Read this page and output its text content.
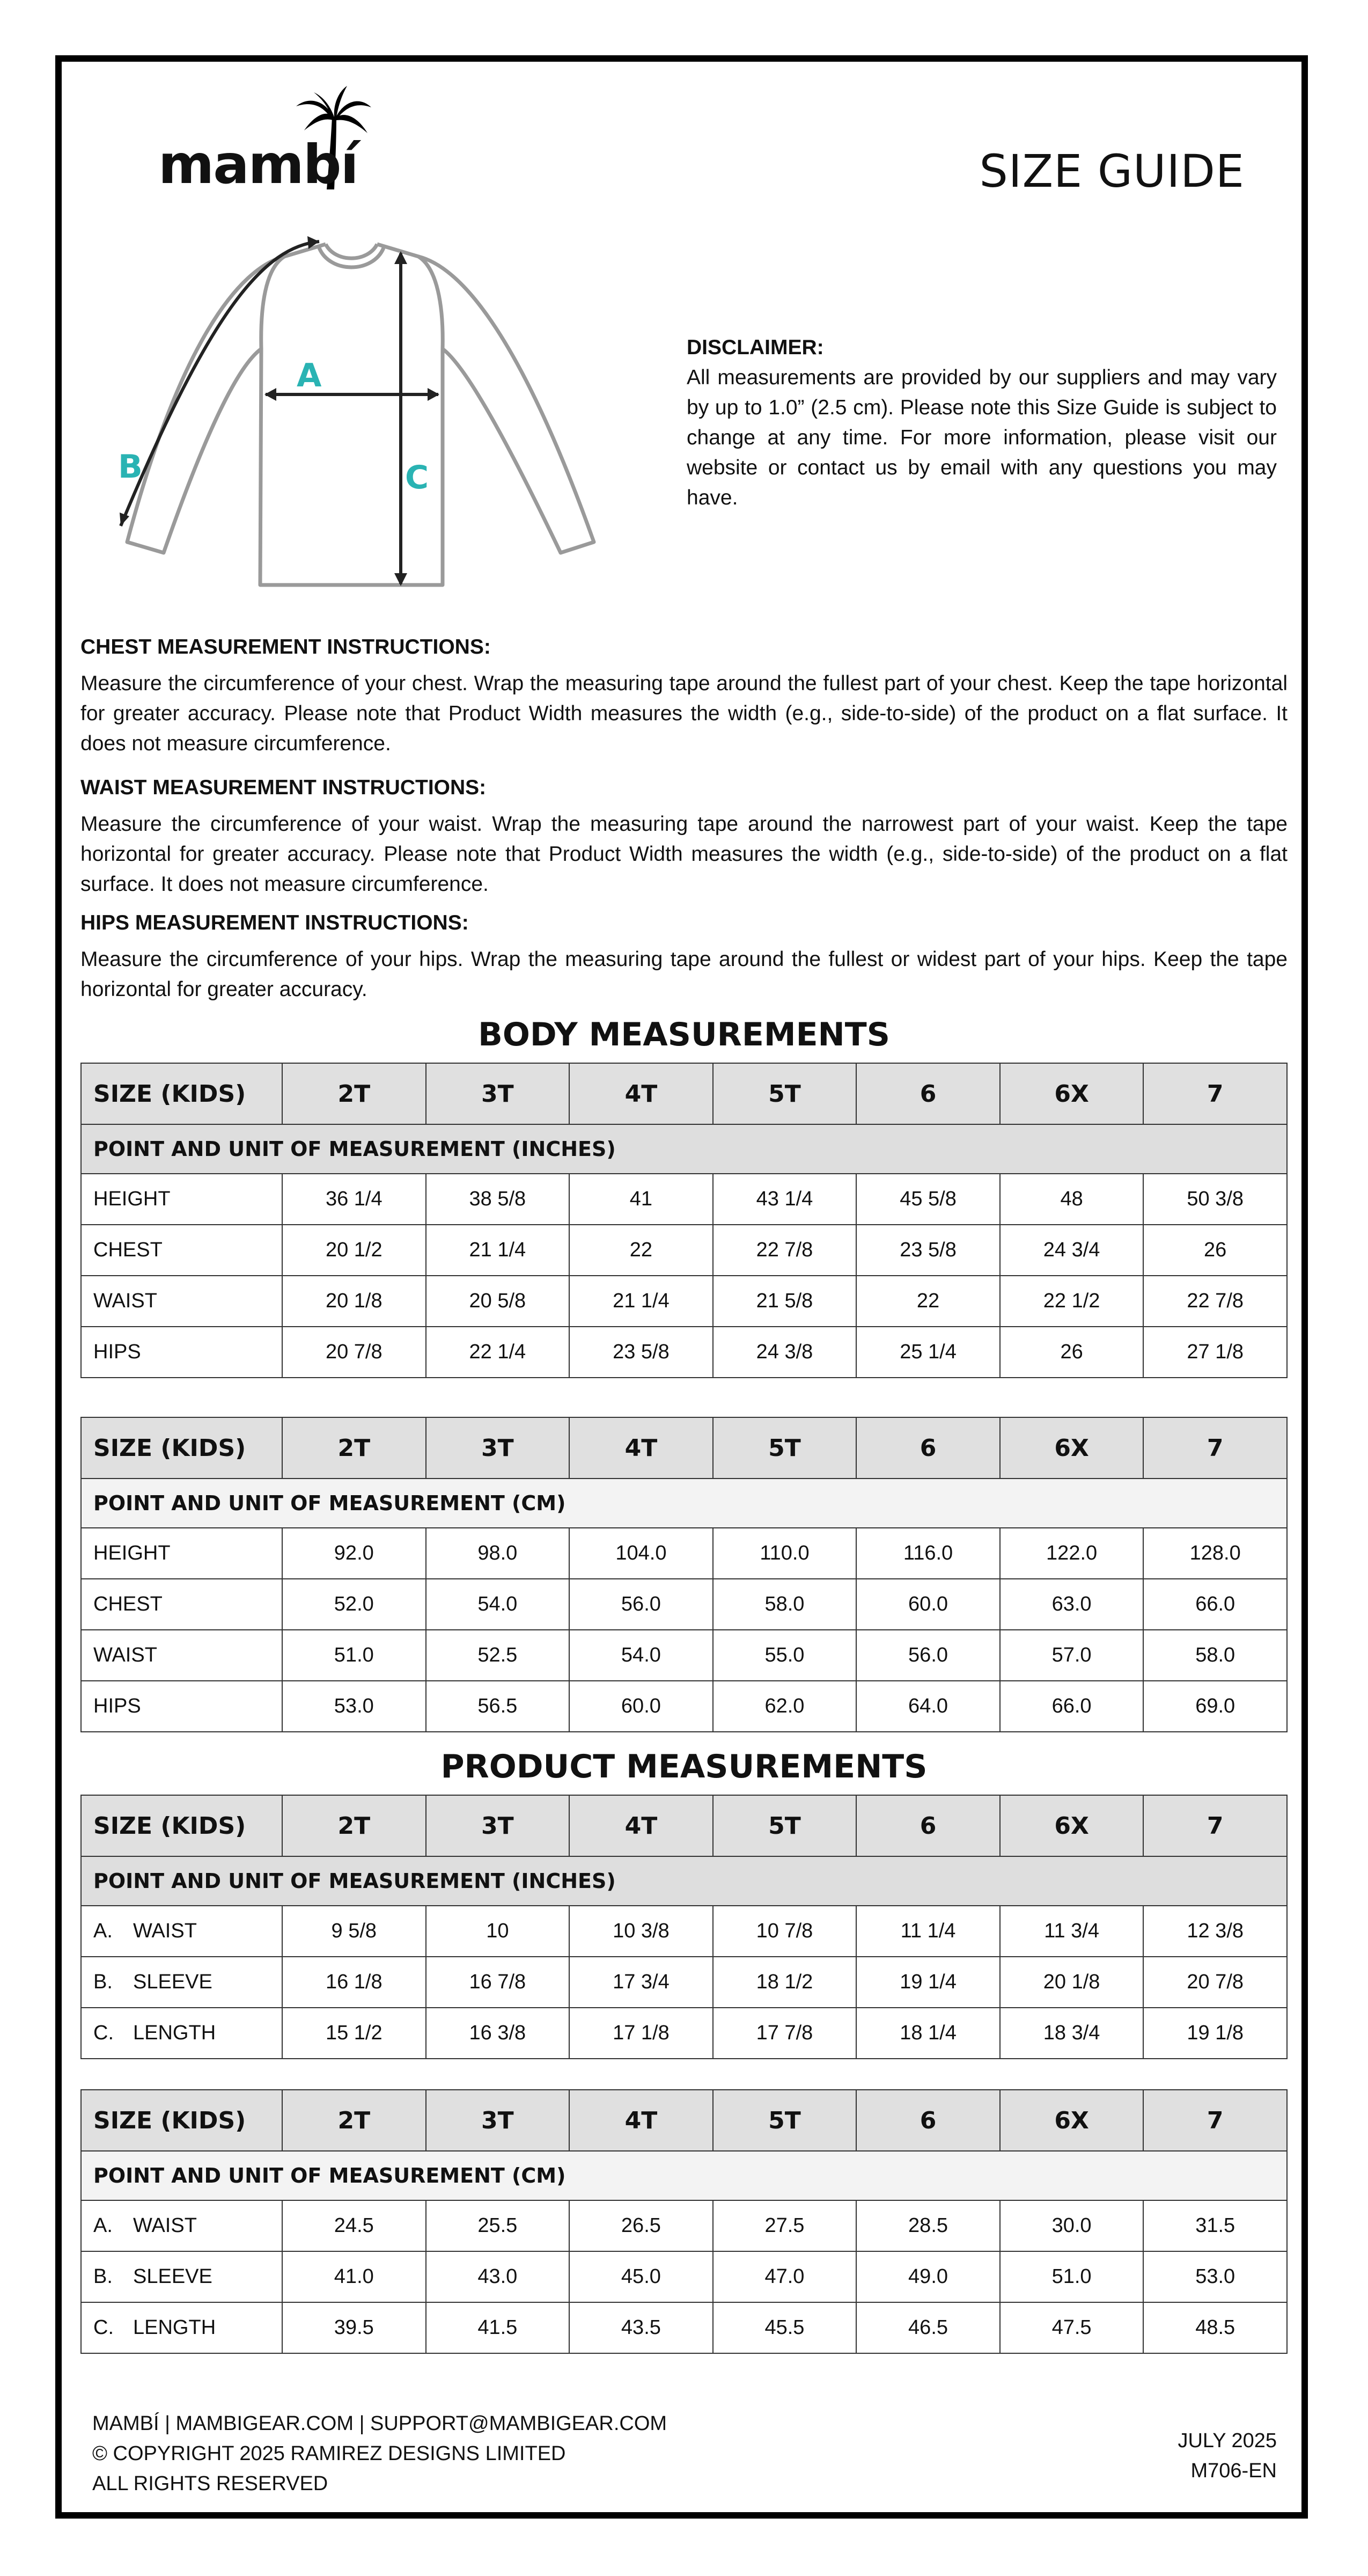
mambí	SIZE GUIDE
A
B	C
DISCLAIMER:
All measurements are provided by our suppliers and may vary by up to 1.0” (2.5 cm). Please note this Size Guide is subject to change at any time. For more information, please visit our website or contact us by email with any questions you may have.
CHEST MEASUREMENT INSTRUCTIONS:
Measure the circumference of your chest. Wrap the measuring tape around the fullest part of your chest. Keep the tape horizontal for greater accuracy. Please note that Product Width measures the width (e.g., side-to-side) of the product on a flat surface. It does not measure circumference.
WAIST MEASUREMENT INSTRUCTIONS:
Measure the circumference of your waist. Wrap the measuring tape around the narrowest part of your waist. Keep the tape horizontal for greater accuracy. Please note that Product Width measures the width (e.g., side-to-side) of the product on a flat surface. It does not measure circumference.
HIPS MEASUREMENT INSTRUCTIONS:
Measure the circumference of your hips. Wrap the measuring tape around the fullest or widest part of your hips. Keep the tape horizontal for greater accuracy.
BODY MEASUREMENTS
SIZE (KIDS)	2T	3T	4T	5T	6	6X	7
POINT AND UNIT OF MEASUREMENT (INCHES)							
HEIGHT	36 1/4	38 5/8	41	43 1/4	45 5/8	48	50 3/8
CHEST	20 1/2	21 1/4	22	22 7/8	23 5/8	24 3/4	26
WAIST	20 1/8	20 5/8	21 1/4	21 5/8	22	22 1/2	22 7/8
HIPS	20 7/8	22 1/4	23 5/8	24 3/8	25 1/4	26	27 1/8
SIZE (KIDS)	2T	3T	4T	5T	6	6X	7
POINT AND UNIT OF MEASUREMENT (CM)							
HEIGHT	92.0	98.0	104.0	110.0	116.0	122.0	128.0
CHEST	52.0	54.0	56.0	58.0	60.0	63.0	66.0
WAIST	51.0	52.5	54.0	55.0	56.0	57.0	58.0
HIPS	53.0	56.5	60.0	62.0	64.0	66.0	69.0
PRODUCT MEASUREMENTS
SIZE (KIDS)	2T	3T	4T	5T	6	6X	7
POINT AND UNIT OF MEASUREMENT (INCHES)							
A. WAIST	9 5/8	10	10 3/8	10 7/8	11 1/4	11 3/4	12 3/8
B. SLEEVE	16 1/8	16 7/8	17 3/4	18 1/2	19 1/4	20 1/8	20 7/8
C. LENGTH	15 1/2	16 3/8	17 1/8	17 7/8	18 1/4	18 3/4	19 1/8
SIZE (KIDS)	2T	3T	4T	5T	6	6X	7
POINT AND UNIT OF MEASUREMENT (CM)							
A. WAIST	24.5	25.5	26.5	27.5	28.5	30.0	31.5
B. SLEEVE	41.0	43.0	45.0	47.0	49.0	51.0	53.0
C. LENGTH	39.5	41.5	43.5	45.5	46.5	47.5	48.5
MAMBÍ | MAMBIGEAR.COM | SUPPORT@MAMBIGEAR.COM
© COPYRIGHT 2025 RAMIREZ DESIGNS LIMITED
ALL RIGHTS RESERVED
JULY 2025
M706-EN
